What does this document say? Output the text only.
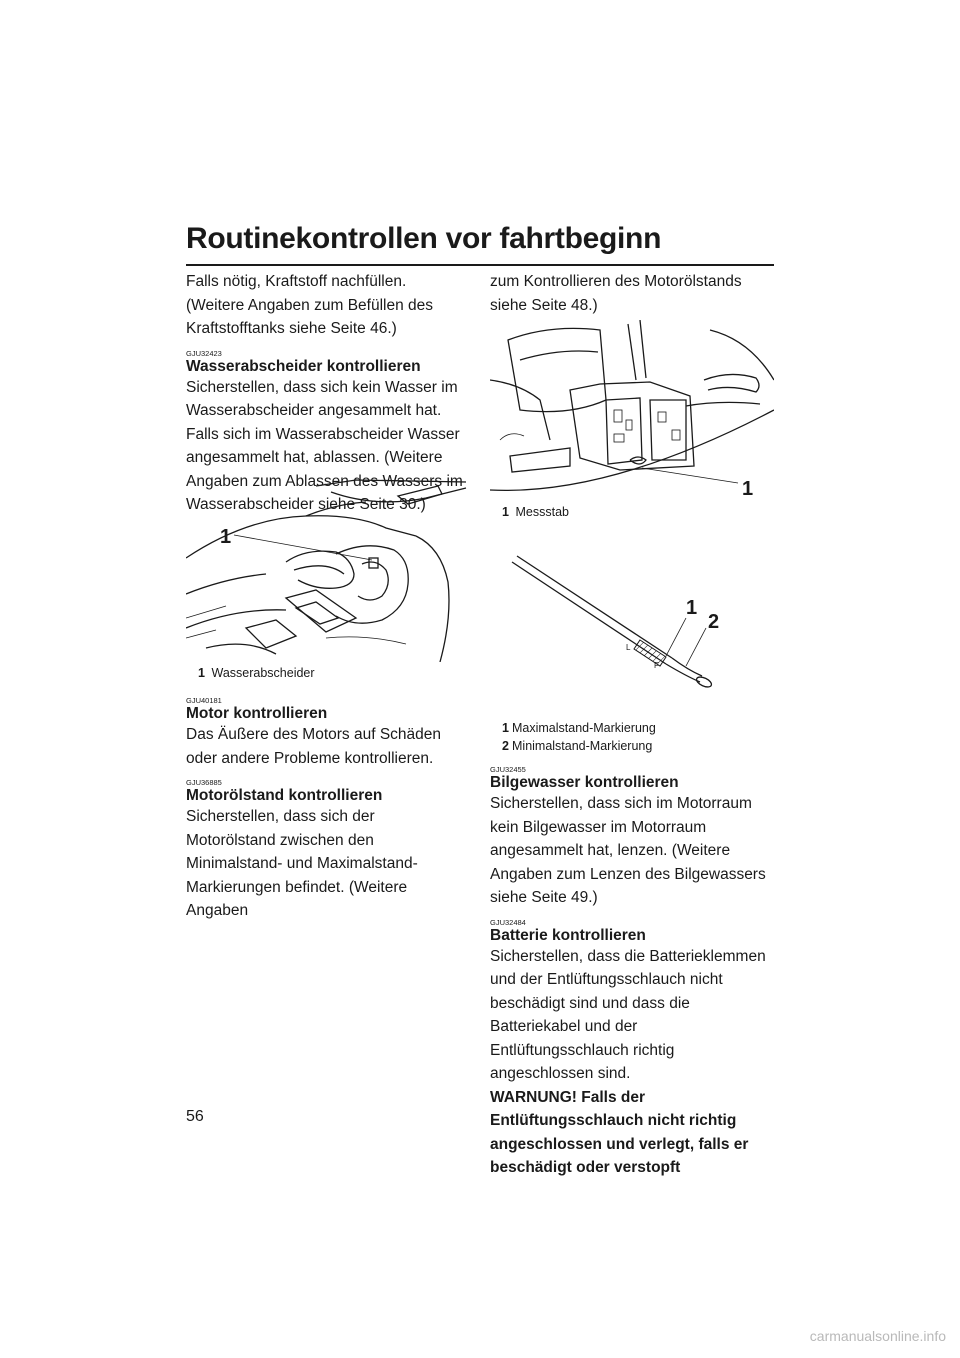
Routinekontrollen vor fahrtbeginn

Falls nötig, Kraftstoff nachfüllen. (Weitere Angaben zum Befüllen des Kraftstofftanks siehe Seite 46.)

GJU32423
Wasserabscheider kontrollieren

Sicherstellen, dass sich kein Wasser im Wasserabscheider angesammelt hat. Falls sich im Wasserabscheider Wasser angesammelt hat, ablassen. (Weitere Angaben zum Ablassen des Wassers im Wasserabscheider siehe Seite 30.)

1
1 Wasserabscheider
GJU40181
Motor kontrollieren

Das Äußere des Motors auf Schäden oder andere Probleme kontrollieren.

GJU36885
Motorölstand kontrollieren

Sicherstellen, dass sich der Motorölstand zwischen den Minimalstand- und Maximalstand-Markierungen befindet. (Weitere Angaben

zum Kontrollieren des Motorölstands siehe Seite 48.)

1
1 Messstab
L
F
1
2
1 Maximalstand-Markierung
2 Minimalstand-Markierung
GJU32455
Bilgewasser kontrollieren

Sicherstellen, dass sich im Motorraum kein Bilgewasser im Motorraum angesammelt hat, lenzen. (Weitere Angaben zum Lenzen des Bilgewassers siehe Seite 49.)

GJU32484
Batterie kontrollieren

Sicherstellen, dass die Batterieklemmen und der Entlüftungsschlauch nicht beschädigt sind und dass die Batteriekabel und der Entlüftungsschlauch richtig angeschlossen sind.

WARNUNG! Falls der Entlüftungsschlauch nicht richtig angeschlossen und verlegt, falls er beschädigt oder verstopft

56
carmanualsonline.info
